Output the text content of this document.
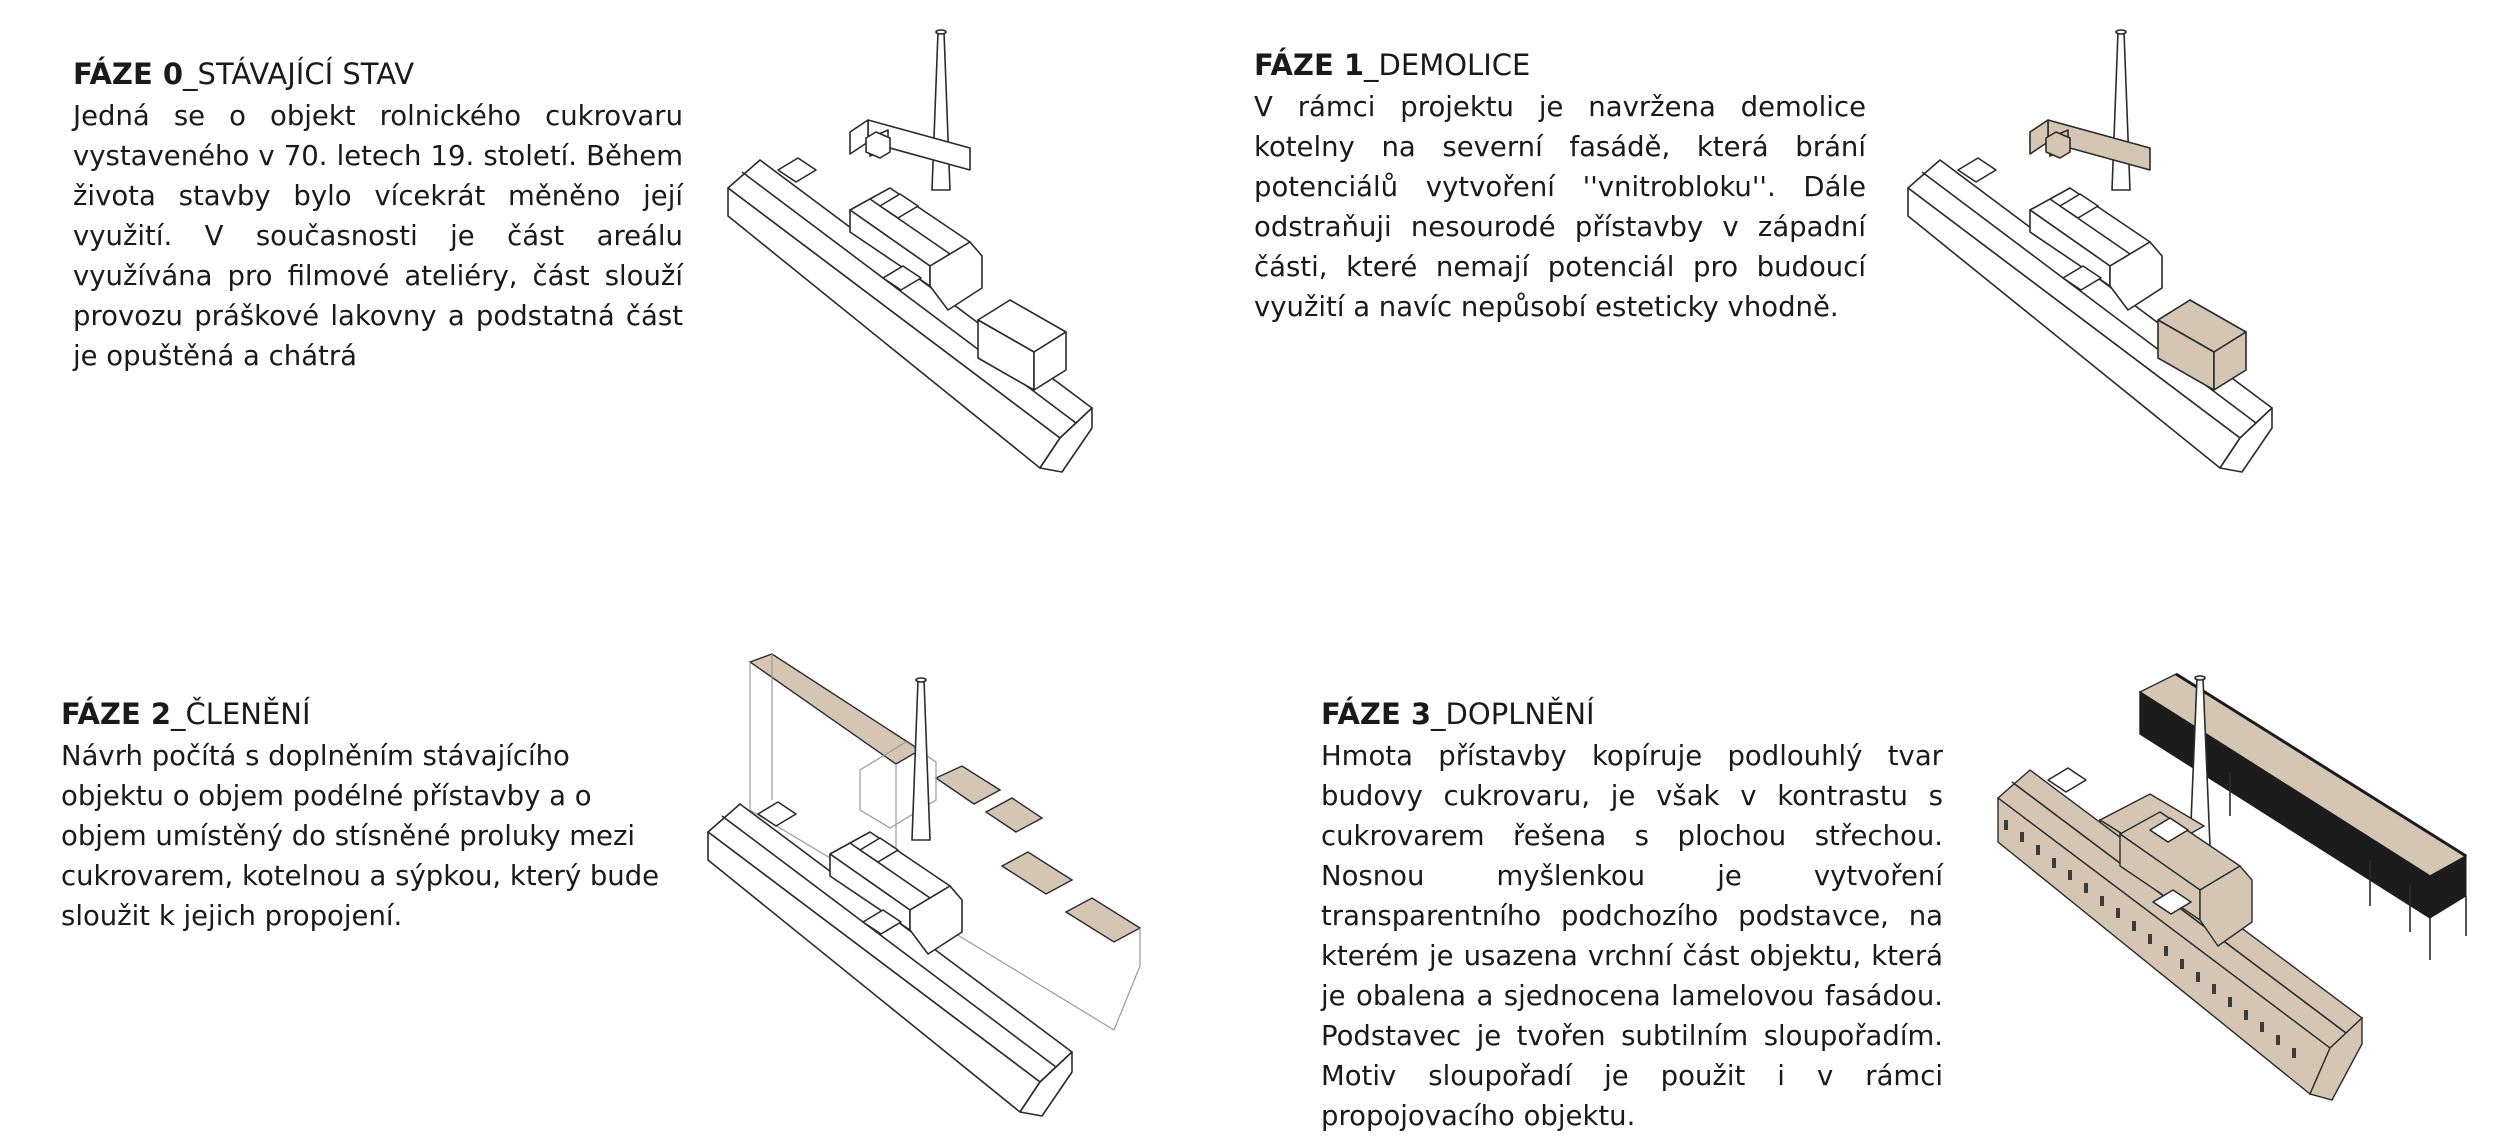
FÁZE 0_STÁVAJÍCÍ STAV

Jedná se o objekt rolnického cukrovaru vystaveného v 70. letech 19. století. Během života stavby bylo vícekrát měněno její využití. V současnosti je část areálu využívána pro filmové ateliéry, část slouží provozu práškové lakovny a podstatná část je opuštěná a chátrá

FÁZE 1_DEMOLICE

V rámci projektu je navržena demolice kotelny na severní fasádě, která brání potenciálů vytvoření ''vnitrobloku''. Dále odstraňuji nesourodé přístavby v západní části, které nemají potenciál pro budoucí využití a navíc nepůsobí esteticky vhodně.

FÁZE 2_ČLENĚNÍ

Návrh počítá s doplněním stávajícího objektu o objem podélné přístavby a o objem umístěný do stísněné proluky mezi cukrovarem, kotelnou a sýpkou, který bude sloužit k jejich propojení.

FÁZE 3_DOPLNĚNÍ

Hmota přístavby kopíruje podlouhlý tvar budovy cukrovaru, je však v kontrastu s cukrovarem řešena s plochou střechou. Nosnou myšlenkou je vytvoření transparentního podchozího podstavce, na kterém je usazena vrchní část objektu, která je obalena a sjednocena lamelovou fasádou. Podstavec je tvořen subtilním sloupořadím. Motiv sloupořadí je použit i v rámci propojovacího objektu.
